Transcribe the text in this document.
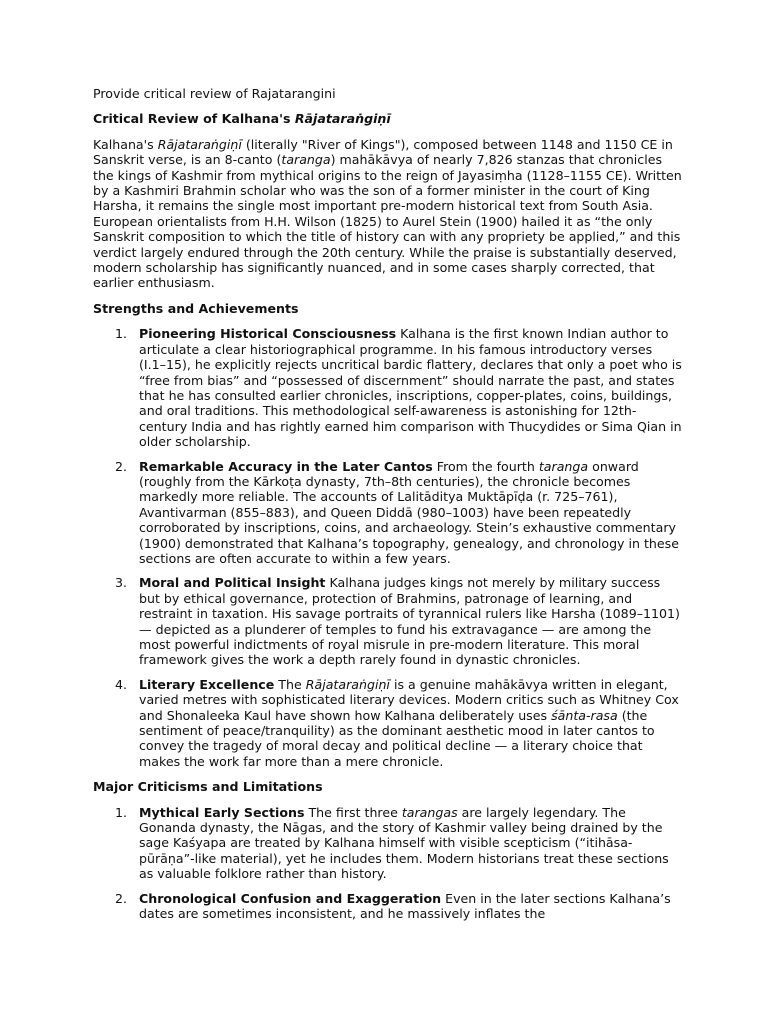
Provide critical review of Rajatarangini

Critical Review of Kalhana's Rājataraṅgiṇī

Kalhana's Rājataraṅgiṇī (literally "River of Kings"), composed between 1148 and 1150 CE in Sanskrit verse, is an 8-canto (taranga) mahākāvya of nearly 7,826 stanzas that chronicles the kings of Kashmir from mythical origins to the reign of Jayasiṃha (1128–1155 CE). Written by a Kashmiri Brahmin scholar who was the son of a former minister in the court of King Harsha, it remains the single most important pre-modern historical text from South Asia. European orientalists from H.H. Wilson (1825) to Aurel Stein (1900) hailed it as “the only Sanskrit composition to which the title of history can with any propriety be applied,” and this verdict largely endured through the 20th century. While the praise is substantially deserved, modern scholarship has significantly nuanced, and in some cases sharply corrected, that earlier enthusiasm.

Strengths and Achievements

1. Pioneering Historical Consciousness Kalhana is the first known Indian author to articulate a clear historiographical programme. In his famous introductory verses (I.1–15), he explicitly rejects uncritical bardic flattery, declares that only a poet who is “free from bias” and “possessed of discernment” should narrate the past, and states that he has consulted earlier chronicles, inscriptions, copper-plates, coins, buildings, and oral traditions. This methodological self-awareness is astonishing for 12th-century India and has rightly earned him comparison with Thucydides or Sima Qian in older scholarship.
2. Remarkable Accuracy in the Later Cantos From the fourth taranga onward (roughly from the Kārkoṭa dynasty, 7th–8th centuries), the chronicle becomes markedly more reliable. The accounts of Lalitāditya Muktāpīḍa (r. 725–761), Avantivarman (855–883), and Queen Diddā (980–1003) have been repeatedly corroborated by inscriptions, coins, and archaeology. Stein’s exhaustive commentary (1900) demonstrated that Kalhana’s topography, genealogy, and chronology in these sections are often accurate to within a few years.
3. Moral and Political Insight Kalhana judges kings not merely by military success but by ethical governance, protection of Brahmins, patronage of learning, and restraint in taxation. His savage portraits of tyrannical rulers like Harsha (1089–1101) — depicted as a plunderer of temples to fund his extravagance — are among the most powerful indictments of royal misrule in pre-modern literature. This moral framework gives the work a depth rarely found in dynastic chronicles.
4. Literary Excellence The Rājataraṅgiṇī is a genuine mahākāvya written in elegant, varied metres with sophisticated literary devices. Modern critics such as Whitney Cox and Shonaleeka Kaul have shown how Kalhana deliberately uses śānta-rasa (the sentiment of peace/tranquility) as the dominant aesthetic mood in later cantos to convey the tragedy of moral decay and political decline — a literary choice that makes the work far more than a mere chronicle.

Major Criticisms and Limitations

1. Mythical Early Sections The first three tarangas are largely legendary. The Gonanda dynasty, the Nāgas, and the story of Kashmir valley being drained by the sage Kaśyapa are treated by Kalhana himself with visible scepticism (“itihāsa-pūrāṇa”-like material), yet he includes them. Modern historians treat these sections as valuable folklore rather than history.
2. Chronological Confusion and Exaggeration Even in the later sections Kalhana’s dates are sometimes inconsistent, and he massively inflates the
